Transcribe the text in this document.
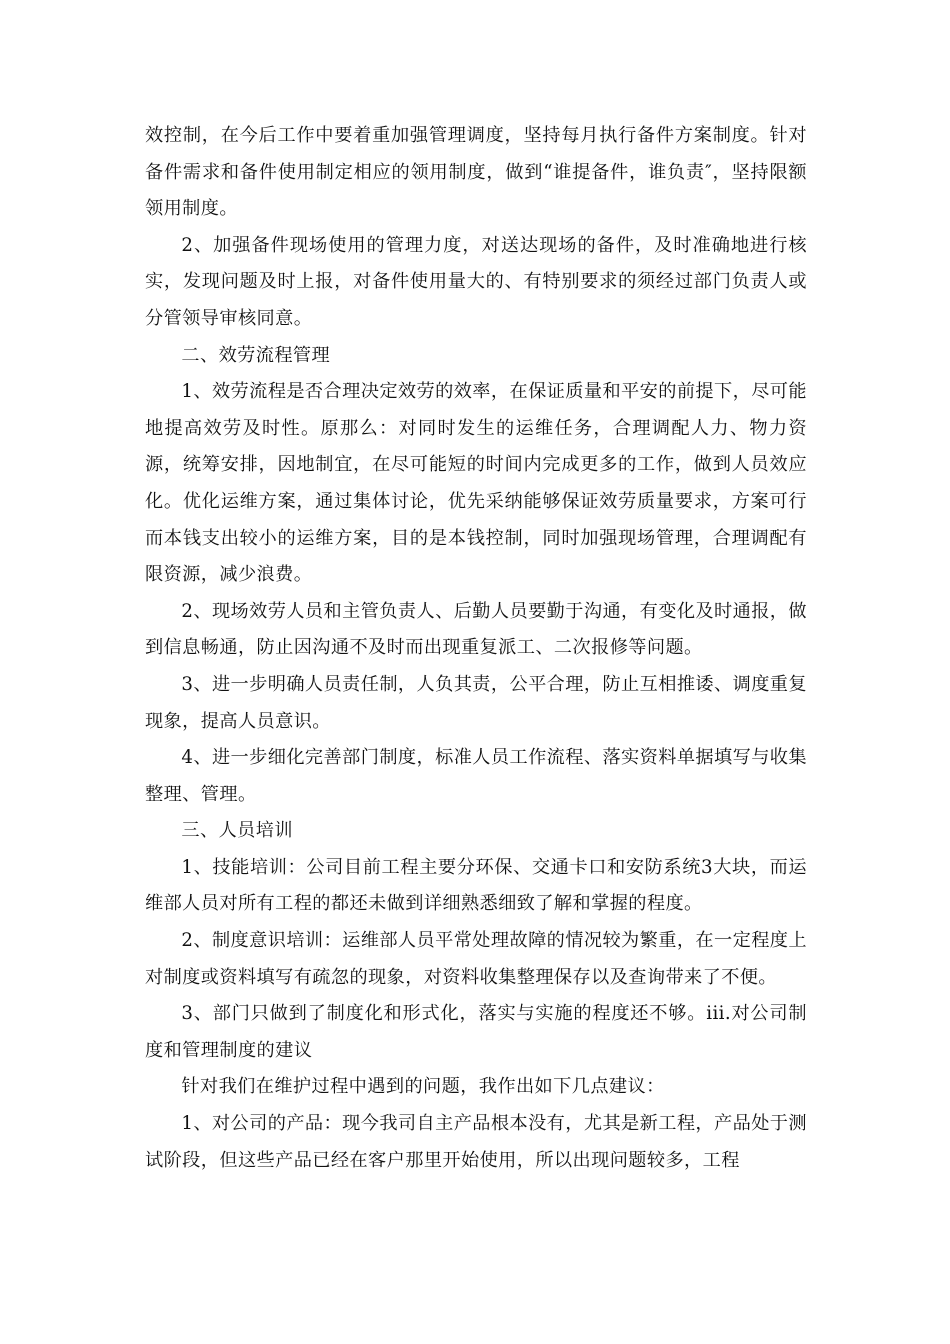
效控制，在今后工作中要着重加强管理调度，坚持每月执行备件方案制度。针对备件需求和备件使用制定相应的领用制度，做到“谁提备件，谁负责″，坚持限额领用制度。

2、加强备件现场使用的管理力度，对送达现场的备件，及时准确地进行核实，发现问题及时上报，对备件使用量大的、有特别要求的须经过部门负责人或分管领导审核同意。

二、效劳流程管理

1、效劳流程是否合理决定效劳的效率，在保证质量和平安的前提下，尽可能地提高效劳及时性。原那么：对同时发生的运维任务，合理调配人力、物力资源，统筹安排，因地制宜，在尽可能短的时间内完成更多的工作，做到人员效应化。优化运维方案，通过集体讨论，优先采纳能够保证效劳质量要求，方案可行而本钱支出较小的运维方案，目的是本钱控制，同时加强现场管理，合理调配有限资源，减少浪费。

2、现场效劳人员和主管负责人、后勤人员要勤于沟通，有变化及时通报，做到信息畅通，防止因沟通不及时而出现重复派工、二次报修等问题。

3、进一步明确人员责任制，人负其责，公平合理，防止互相推诿、调度重复现象，提高人员意识。

4、进一步细化完善部门制度，标准人员工作流程、落实资料单据填写与收集整理、管理。

三、人员培训

1、技能培训：公司目前工程主要分环保、交通卡口和安防系统3大块，而运维部人员对所有工程的都还未做到详细熟悉细致了解和掌握的程度。

2、制度意识培训：运维部人员平常处理故障的情况较为繁重，在一定程度上对制度或资料填写有疏忽的现象，对资料收集整理保存以及查询带来了不便。

3、部门只做到了制度化和形式化，落实与实施的程度还不够。iii.对公司制度和管理制度的建议

针对我们在维护过程中遇到的问题，我作出如下几点建议：

1、对公司的产品：现今我司自主产品根本没有，尤其是新工程，产品处于测试阶段，但这些产品已经在客户那里开始使用，所以出现问题较多，工程
